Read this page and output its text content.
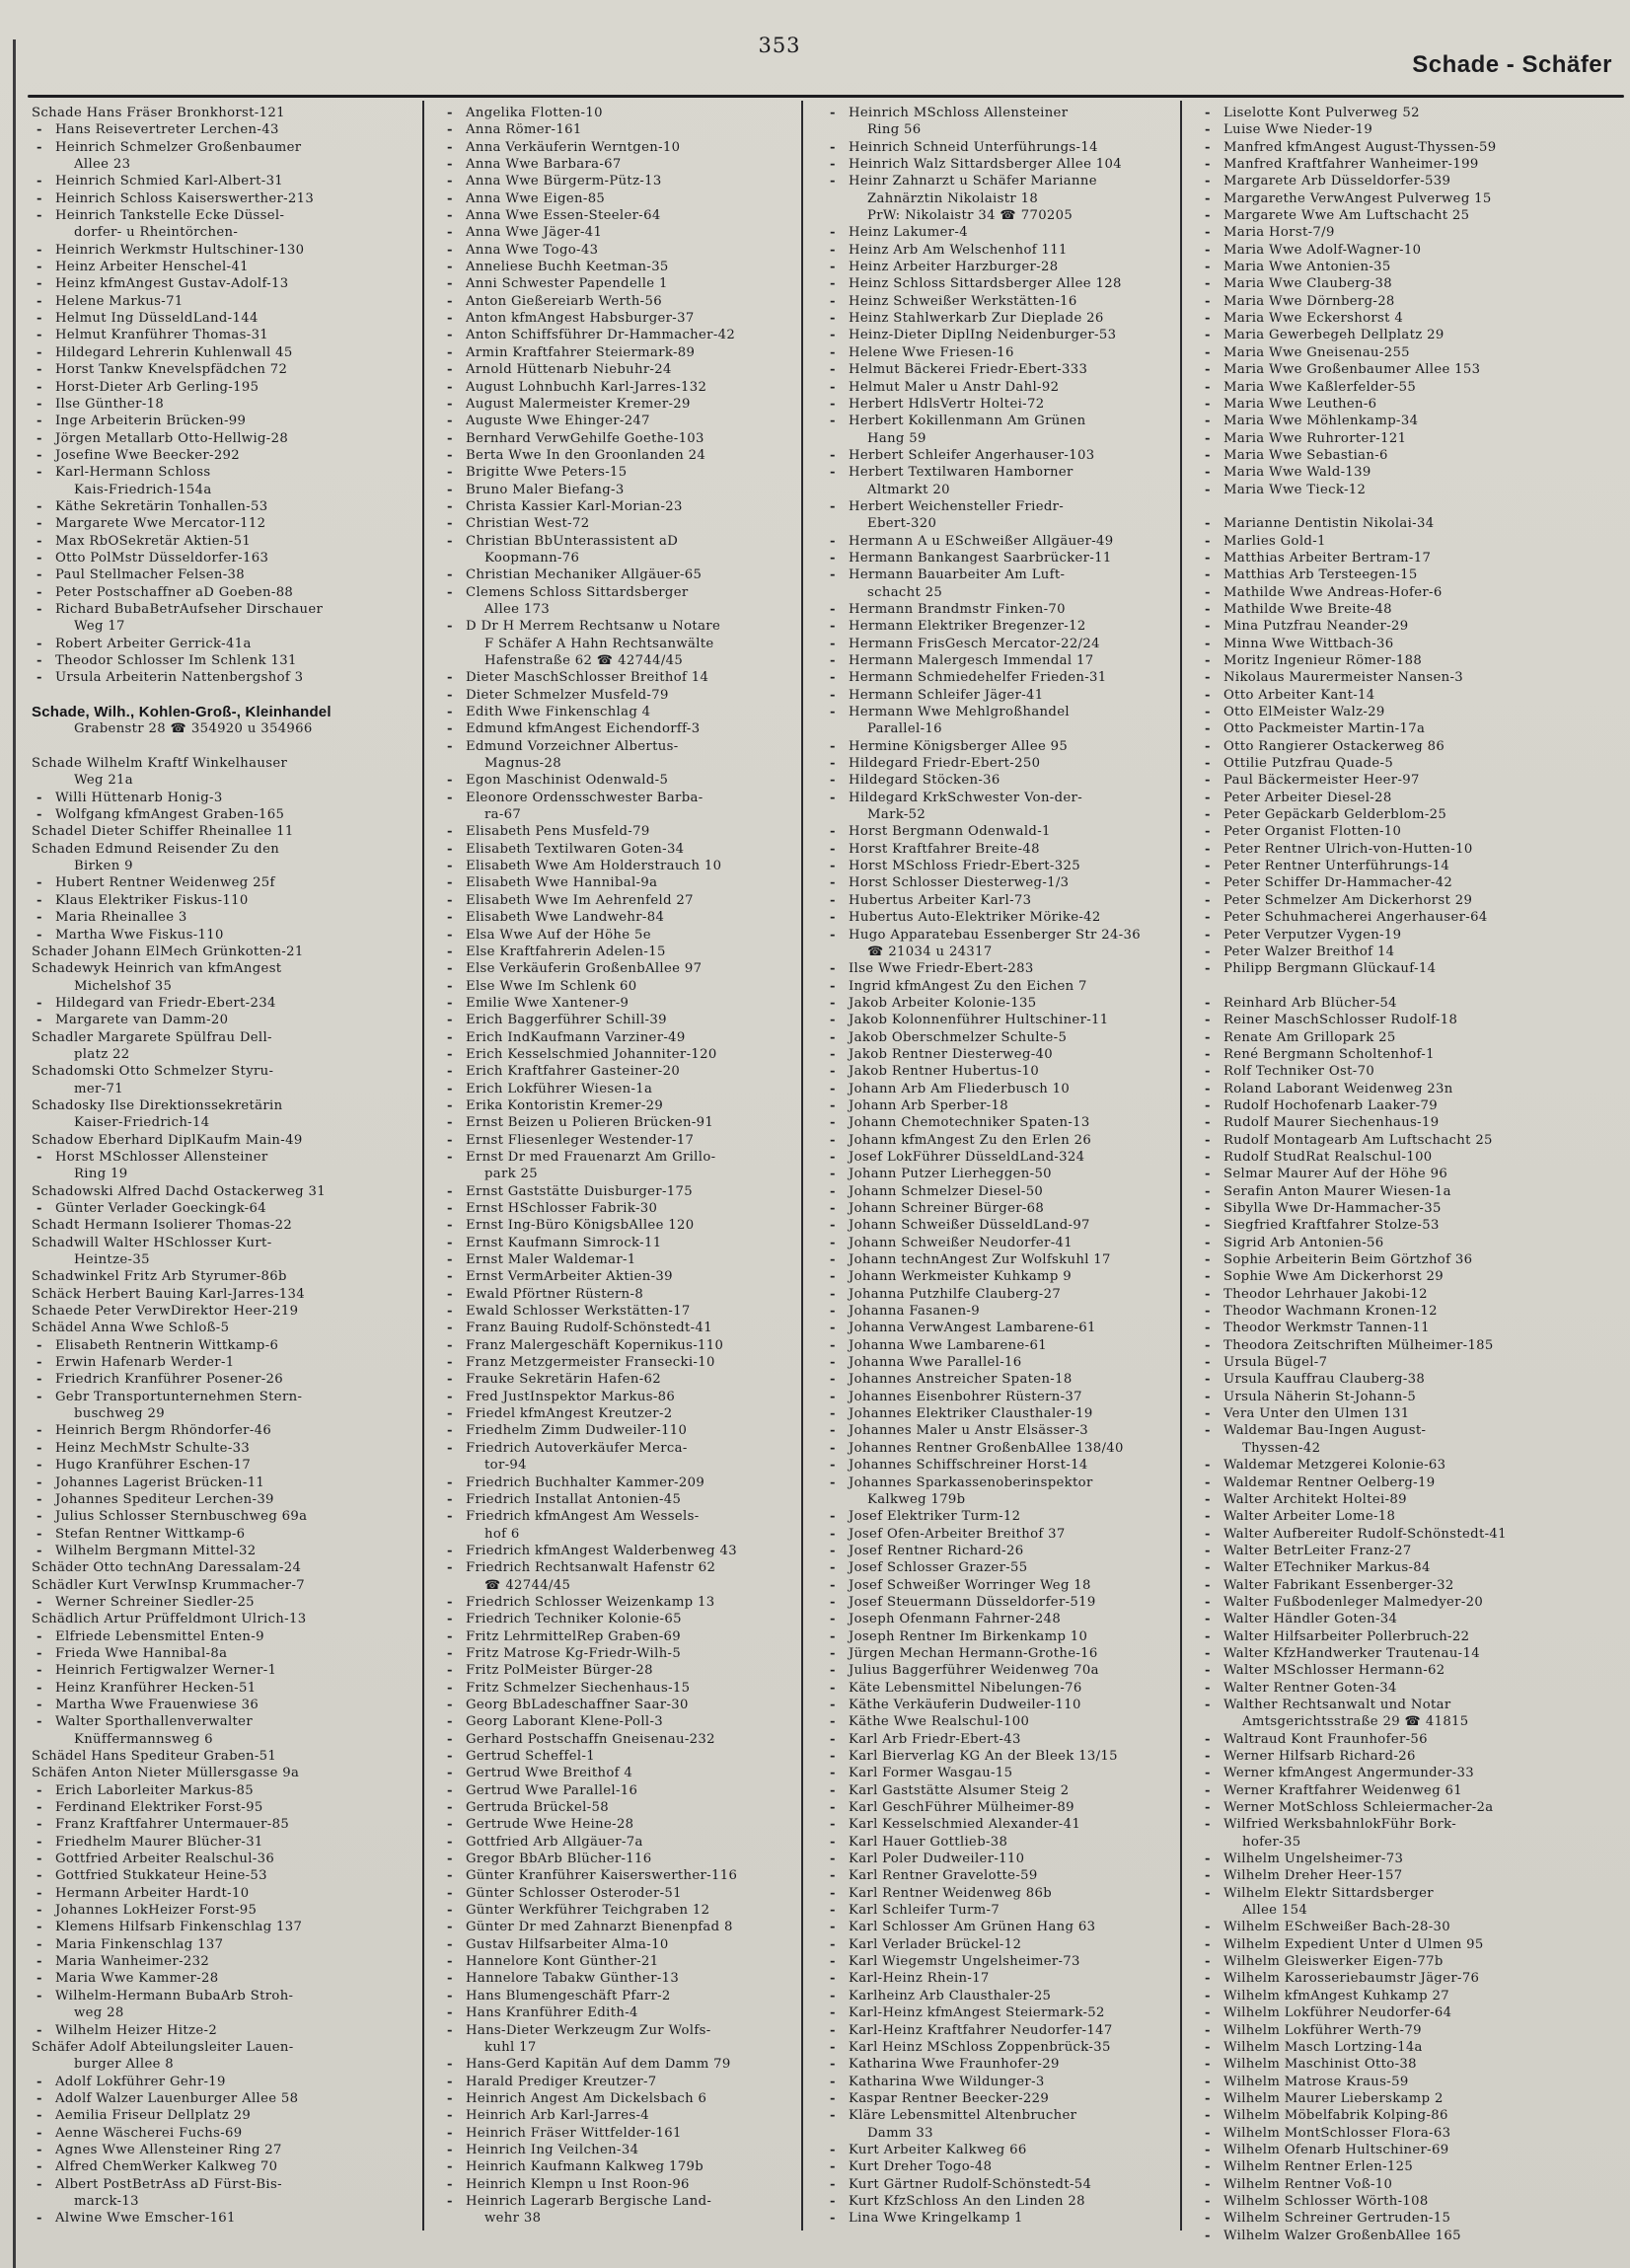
353
Schade - Schäfer
Schade Hans Fräser Bronkhorst-121
- Hans Reisevertreter Lerchen-43
- Heinrich Schmelzer Großenbaumer
Allee 23
- Heinrich Schmied Karl-Albert-31
- Heinrich Schloss Kaiserswerther-213
- Heinrich Tankstelle Ecke Düssel-
dorfer- u Rheintörchen-
- Heinrich Werkmstr Hultschiner-130
- Heinz Arbeiter Henschel-41
- Heinz kfmAngest Gustav-Adolf-13
- Helene Markus-71
- Helmut Ing DüsseldLand-144
- Helmut Kranführer Thomas-31
- Hildegard Lehrerin Kuhlenwall 45
- Horst Tankw Knevelspfädchen 72
- Horst-Dieter Arb Gerling-195
- Ilse Günther-18
- Inge Arbeiterin Brücken-99
- Jörgen Metallarb Otto-Hellwig-28
- Josefine Wwe Beecker-292
- Karl-Hermann Schloss
Kais-Friedrich-154a
- Käthe Sekretärin Tonhallen-53
- Margarete Wwe Mercator-112
- Max RbOSekretär Aktien-51
- Otto PolMstr Düsseldorfer-163
- Paul Stellmacher Felsen-38
- Peter Postschaffner aD Goeben-88
- Richard BubaBetrAufseher Dirschauer
Weg 17
- Robert Arbeiter Gerrick-41a
- Theodor Schlosser Im Schlenk 131
- Ursula Arbeiterin Nattenbergshof 3
Schade, Wilh., Kohlen-Groß-, Kleinhandel
Grabenstr 28 ☎ 354920 u 354966
Schade Wilhelm Kraftf Winkelhauser
Weg 21a
- Willi Hüttenarb Honig-3
- Wolfgang kfmAngest Graben-165
Schadel Dieter Schiffer Rheinallee 11
Schaden Edmund Reisender Zu den
Birken 9
- Hubert Rentner Weidenweg 25f
- Klaus Elektriker Fiskus-110
- Maria Rheinallee 3
- Martha Wwe Fiskus-110
Schader Johann ElMech Grünkotten-21
Schadewyk Heinrich van kfmAngest
Michelshof 35
- Hildegard van Friedr-Ebert-234
- Margarete van Damm-20
Schadler Margarete Spülfrau Dell-
platz 22
Schadomski Otto Schmelzer Styru-
mer-71
Schadosky Ilse Direktionssekretärin
Kaiser-Friedrich-14
Schadow Eberhard DiplKaufm Main-49
- Horst MSchlosser Allensteiner
Ring 19
Schadowski Alfred Dachd Ostackerweg 31
- Günter Verlader Goeckingk-64
Schadt Hermann Isolierer Thomas-22
Schadwill Walter HSchlosser Kurt-
Heintze-35
Schadwinkel Fritz Arb Styrumer-86b
Schäck Herbert Bauing Karl-Jarres-134
Schaede Peter VerwDirektor Heer-219
Schädel Anna Wwe Schloß-5
- Elisabeth Rentnerin Wittkamp-6
- Erwin Hafenarb Werder-1
- Friedrich Kranführer Posener-26
- Gebr Transportunternehmen Stern-
buschweg 29
- Heinrich Bergm Rhöndorfer-46
- Heinz MechMstr Schulte-33
- Hugo Kranführer Eschen-17
- Johannes Lagerist Brücken-11
- Johannes Spediteur Lerchen-39
- Julius Schlosser Sternbuschweg 69a
- Stefan Rentner Wittkamp-6
- Wilhelm Bergmann Mittel-32
Schäder Otto technAng Daressalam-24
Schädler Kurt VerwInsp Krummacher-7
- Werner Schreiner Siedler-25
Schädlich Artur Prüffeldmont Ulrich-13
- Elfriede Lebensmittel Enten-9
- Frieda Wwe Hannibal-8a
- Heinrich Fertigwalzer Werner-1
- Heinz Kranführer Hecken-51
- Martha Wwe Frauenwiese 36
- Walter Sporthallenverwalter
Knüffermannsweg 6
Schädel Hans Spediteur Graben-51
Schäfen Anton Nieter Müllersgasse 9a
- Erich Laborleiter Markus-85
- Ferdinand Elektriker Forst-95
- Franz Kraftfahrer Untermauer-85
- Friedhelm Maurer Blücher-31
- Gottfried Arbeiter Realschul-36
- Gottfried Stukkateur Heine-53
- Hermann Arbeiter Hardt-10
- Johannes LokHeizer Forst-95
- Klemens Hilfsarb Finkenschlag 137
- Maria Finkenschlag 137
- Maria Wanheimer-232
- Maria Wwe Kammer-28
- Wilhelm-Hermann BubaArb Stroh-
weg 28
- Wilhelm Heizer Hitze-2
Schäfer Adolf Abteilungsleiter Lauen-
burger Allee 8
- Adolf Lokführer Gehr-19
- Adolf Walzer Lauenburger Allee 58
- Aemilia Friseur Dellplatz 29
- Aenne Wäscherei Fuchs-69
- Agnes Wwe Allensteiner Ring 27
- Alfred ChemWerker Kalkweg 70
- Albert PostBetrAss aD Fürst-Bis-
marck-13
- Alwine Wwe Emscher-161
- Angelika Flotten-10
- Anna Römer-161
- Anna Verkäuferin Werntgen-10
- Anna Wwe Barbara-67
- Anna Wwe Bürgerm-Pütz-13
- Anna Wwe Eigen-85
- Anna Wwe Essen-Steeler-64
- Anna Wwe Jäger-41
- Anna Wwe Togo-43
- Anneliese Buchh Keetman-35
- Anni Schwester Papendelle 1
- Anton Gießereiarb Werth-56
- Anton kfmAngest Habsburger-37
- Anton Schiffsführer Dr-Hammacher-42
- Armin Kraftfahrer Steiermark-89
- Arnold Hüttenarb Niebuhr-24
- August Lohnbuchh Karl-Jarres-132
- August Malermeister Kremer-29
- Auguste Wwe Ehinger-247
- Bernhard VerwGehilfe Goethe-103
- Berta Wwe In den Groonlanden 24
- Brigitte Wwe Peters-15
- Bruno Maler Biefang-3
- Christa Kassier Karl-Morian-23
- Christian West-72
- Christian BbUnterassistent aD
Koopmann-76
- Christian Mechaniker Allgäuer-65
- Clemens Schloss Sittardsberger
Allee 173
- D Dr H Merrem Rechtsanw u Notare
F Schäfer A Hahn Rechtsanwälte
Hafenstraße 62 ☎ 42744/45
- Dieter MaschSchlosser Breithof 14
- Dieter Schmelzer Musfeld-79
- Edith Wwe Finkenschlag 4
- Edmund kfmAngest Eichendorff-3
- Edmund Vorzeichner Albertus-
Magnus-28
- Egon Maschinist Odenwald-5
- Eleonore Ordensschwester Barba-
ra-67
- Elisabeth Pens Musfeld-79
- Elisabeth Textilwaren Goten-34
- Elisabeth Wwe Am Holderstrauch 10
- Elisabeth Wwe Hannibal-9a
- Elisabeth Wwe Im Aehrenfeld 27
- Elisabeth Wwe Landwehr-84
- Elsa Wwe Auf der Höhe 5e
- Else Kraftfahrerin Adelen-15
- Else Verkäuferin GroßenbAllee 97
- Else Wwe Im Schlenk 60
- Emilie Wwe Xantener-9
- Erich Baggerführer Schill-39
- Erich IndKaufmann Varziner-49
- Erich Kesselschmied Johanniter-120
- Erich Kraftfahrer Gasteiner-20
- Erich Lokführer Wiesen-1a
- Erika Kontoristin Kremer-29
- Ernst Beizen u Polieren Brücken-91
- Ernst Fliesenleger Westender-17
- Ernst Dr med Frauenarzt Am Grillo-
park 25
- Ernst Gaststätte Duisburger-175
- Ernst HSchlosser Fabrik-30
- Ernst Ing-Büro KönigsbAllee 120
- Ernst Kaufmann Simrock-11
- Ernst Maler Waldemar-1
- Ernst VermArbeiter Aktien-39
- Ewald Pförtner Rüstern-8
- Ewald Schlosser Werkstätten-17
- Franz Bauing Rudolf-Schönstedt-41
- Franz Malergeschäft Kopernikus-110
- Franz Metzgermeister Fransecki-10
- Frauke Sekretärin Hafen-62
- Fred JustInspektor Markus-86
- Friedel kfmAngest Kreutzer-2
- Friedhelm Zimm Dudweiler-110
- Friedrich Autoverkäufer Merca-
tor-94
- Friedrich Buchhalter Kammer-209
- Friedrich Installat Antonien-45
- Friedrich kfmAngest Am Wessels-
hof 6
- Friedrich kfmAngest Walderbenweg 43
- Friedrich Rechtsanwalt Hafenstr 62
☎ 42744/45
- Friedrich Schlosser Weizenkamp 13
- Friedrich Techniker Kolonie-65
- Fritz LehrmittelRep Graben-69
- Fritz Matrose Kg-Friedr-Wilh-5
- Fritz PolMeister Bürger-28
- Fritz Schmelzer Siechenhaus-15
- Georg BbLadeschaffner Saar-30
- Georg Laborant Klene-Poll-3
- Gerhard Postschaffn Gneisenau-232
- Gertrud Scheffel-1
- Gertrud Wwe Breithof 4
- Gertrud Wwe Parallel-16
- Gertruda Brückel-58
- Gertrude Wwe Heine-28
- Gottfried Arb Allgäuer-7a
- Gregor BbArb Blücher-116
- Günter Kranführer Kaiserswerther-116
- Günter Schlosser Osteroder-51
- Günter Werkführer Teichgraben 12
- Günter Dr med Zahnarzt Bienenpfad 8
- Gustav Hilfsarbeiter Alma-10
- Hannelore Kont Günther-21
- Hannelore Tabakw Günther-13
- Hans Blumengeschäft Pfarr-2
- Hans Kranführer Edith-4
- Hans-Dieter Werkzeugm Zur Wolfs-
kuhl 17
- Hans-Gerd Kapitän Auf dem Damm 79
- Harald Prediger Kreutzer-7
- Heinrich Angest Am Dickelsbach 6
- Heinrich Arb Karl-Jarres-4
- Heinrich Fräser Wittfelder-161
- Heinrich Ing Veilchen-34
- Heinrich Kaufmann Kalkweg 179b
- Heinrich Klempn u Inst Roon-96
- Heinrich Lagerarb Bergische Land-
wehr 38
- Heinrich MSchloss Allensteiner
Ring 56
- Heinrich Schneid Unterführungs-14
- Heinrich Walz Sittardsberger Allee 104
- Heinr Zahnarzt u Schäfer Marianne
Zahnärztin Nikolaistr 18
PrW: Nikolaistr 34 ☎ 770205
- Heinz Lakumer-4
- Heinz Arb Am Welschenhof 111
- Heinz Arbeiter Harzburger-28
- Heinz Schloss Sittardsberger Allee 128
- Heinz Schweißer Werkstätten-16
- Heinz Stahlwerkarb Zur Dieplade 26
- Heinz-Dieter DiplIng Neidenburger-53
- Helene Wwe Friesen-16
- Helmut Bäckerei Friedr-Ebert-333
- Helmut Maler u Anstr Dahl-92
- Herbert HdlsVertr Holtei-72
- Herbert Kokillenmann Am Grünen
Hang 59
- Herbert Schleifer Angerhauser-103
- Herbert Textilwaren Hamborner
Altmarkt 20
- Herbert Weichensteller Friedr-
Ebert-320
- Hermann A u ESchweißer Allgäuer-49
- Hermann Bankangest Saarbrücker-11
- Hermann Bauarbeiter Am Luft-
schacht 25
- Hermann Brandmstr Finken-70
- Hermann Elektriker Bregenzer-12
- Hermann FrisGesch Mercator-22/24
- Hermann Malergesch Immendal 17
- Hermann Schmiedehelfer Frieden-31
- Hermann Schleifer Jäger-41
- Hermann Wwe Mehlgroßhandel
Parallel-16
- Hermine Königsberger Allee 95
- Hildegard Friedr-Ebert-250
- Hildegard Stöcken-36
- Hildegard KrkSchwester Von-der-
Mark-52
- Horst Bergmann Odenwald-1
- Horst Kraftfahrer Breite-48
- Horst MSchloss Friedr-Ebert-325
- Horst Schlosser Diesterweg-1/3
- Hubertus Arbeiter Karl-73
- Hubertus Auto-Elektriker Mörike-42
- Hugo Apparatebau Essenberger Str 24-36
☎ 21034 u 24317
- Ilse Wwe Friedr-Ebert-283
- Ingrid kfmAngest Zu den Eichen 7
- Jakob Arbeiter Kolonie-135
- Jakob Kolonnenführer Hultschiner-11
- Jakob Oberschmelzer Schulte-5
- Jakob Rentner Diesterweg-40
- Jakob Rentner Hubertus-10
- Johann Arb Am Fliederbusch 10
- Johann Arb Sperber-18
- Johann Chemotechniker Spaten-13
- Johann kfmAngest Zu den Erlen 26
- Josef LokFührer DüsseldLand-324
- Johann Putzer Lierheggen-50
- Johann Schmelzer Diesel-50
- Johann Schreiner Bürger-68
- Johann Schweißer DüsseldLand-97
- Johann Schweißer Neudorfer-41
- Johann technAngest Zur Wolfskuhl 17
- Johann Werkmeister Kuhkamp 9
- Johanna Putzhilfe Clauberg-27
- Johanna Fasanen-9
- Johanna VerwAngest Lambarene-61
- Johanna Wwe Lambarene-61
- Johanna Wwe Parallel-16
- Johannes Anstreicher Spaten-18
- Johannes Eisenbohrer Rüstern-37
- Johannes Elektriker Clausthaler-19
- Johannes Maler u Anstr Elsässer-3
- Johannes Rentner GroßenbAllee 138/40
- Johannes Schiffschreiner Horst-14
- Johannes Sparkassenoberinspektor
Kalkweg 179b
- Josef Elektriker Turm-12
- Josef Ofen-Arbeiter Breithof 37
- Josef Rentner Richard-26
- Josef Schlosser Grazer-55
- Josef Schweißer Worringer Weg 18
- Josef Steuermann Düsseldorfer-519
- Joseph Ofenmann Fahrner-248
- Joseph Rentner Im Birkenkamp 10
- Jürgen Mechan Hermann-Grothe-16
- Julius Baggerführer Weidenweg 70a
- Käte Lebensmittel Nibelungen-76
- Käthe Verkäuferin Dudweiler-110
- Käthe Wwe Realschul-100
- Karl Arb Friedr-Ebert-43
- Karl Bierverlag KG An der Bleek 13/15
- Karl Former Wasgau-15
- Karl Gaststätte Alsumer Steig 2
- Karl GeschFührer Mülheimer-89
- Karl Kesselschmied Alexander-41
- Karl Hauer Gottlieb-38
- Karl Poler Dudweiler-110
- Karl Rentner Gravelotte-59
- Karl Rentner Weidenweg 86b
- Karl Schleifer Turm-7
- Karl Schlosser Am Grünen Hang 63
- Karl Verlader Brückel-12
- Karl Wiegemstr Ungelsheimer-73
- Karl-Heinz Rhein-17
- Karlheinz Arb Clausthaler-25
- Karl-Heinz kfmAngest Steiermark-52
- Karl-Heinz Kraftfahrer Neudorfer-147
- Karl Heinz MSchloss Zoppenbrück-35
- Katharina Wwe Fraunhofer-29
- Katharina Wwe Wildunger-3
- Kaspar Rentner Beecker-229
- Kläre Lebensmittel Altenbrucher
Damm 33
- Kurt Arbeiter Kalkweg 66
- Kurt Dreher Togo-48
- Kurt Gärtner Rudolf-Schönstedt-54
- Kurt KfzSchloss An den Linden 28
- Lina Wwe Kringelkamp 1
- Liselotte Kont Pulverweg 52
- Luise Wwe Nieder-19
- Manfred kfmAngest August-Thyssen-59
- Manfred Kraftfahrer Wanheimer-199
- Margarete Arb Düsseldorfer-539
- Margarethe VerwAngest Pulverweg 15
- Margarete Wwe Am Luftschacht 25
- Maria Horst-7/9
- Maria Wwe Adolf-Wagner-10
- Maria Wwe Antonien-35
- Maria Wwe Clauberg-38
- Maria Wwe Dörnberg-28
- Maria Wwe Eckershorst 4
- Maria Gewerbegeh Dellplatz 29
- Maria Wwe Gneisenau-255
- Maria Wwe Großenbaumer Allee 153
- Maria Wwe Kaßlerfelder-55
- Maria Wwe Leuthen-6
- Maria Wwe Möhlenkamp-34
- Maria Wwe Ruhrorter-121
- Maria Wwe Sebastian-6
- Maria Wwe Wald-139
- Maria Wwe Tieck-12
- Marianne Dentistin Nikolai-34
- Marlies Gold-1
- Matthias Arbeiter Bertram-17
- Matthias Arb Tersteegen-15
- Mathilde Wwe Andreas-Hofer-6
- Mathilde Wwe Breite-48
- Mina Putzfrau Neander-29
- Minna Wwe Wittbach-36
- Moritz Ingenieur Römer-188
- Nikolaus Maurermeister Nansen-3
- Otto Arbeiter Kant-14
- Otto ElMeister Walz-29
- Otto Packmeister Martin-17a
- Otto Rangierer Ostackerweg 86
- Ottilie Putzfrau Quade-5
- Paul Bäckermeister Heer-97
- Peter Arbeiter Diesel-28
- Peter Gepäckarb Gelderblom-25
- Peter Organist Flotten-10
- Peter Rentner Ulrich-von-Hutten-10
- Peter Rentner Unterführungs-14
- Peter Schiffer Dr-Hammacher-42
- Peter Schmelzer Am Dickerhorst 29
- Peter Schuhmacherei Angerhauser-64
- Peter Verputzer Vygen-19
- Peter Walzer Breithof 14
- Philipp Bergmann Glückauf-14
- Reinhard Arb Blücher-54
- Reiner MaschSchlosser Rudolf-18
- Renate Am Grillopark 25
- René Bergmann Scholtenhof-1
- Rolf Techniker Ost-70
- Roland Laborant Weidenweg 23n
- Rudolf Hochofenarb Laaker-79
- Rudolf Maurer Siechenhaus-19
- Rudolf Montagearb Am Luftschacht 25
- Rudolf StudRat Realschul-100
- Selmar Maurer Auf der Höhe 96
- Serafin Anton Maurer Wiesen-1a
- Sibylla Wwe Dr-Hammacher-35
- Siegfried Kraftfahrer Stolze-53
- Sigrid Arb Antonien-56
- Sophie Arbeiterin Beim Görtzhof 36
- Sophie Wwe Am Dickerhorst 29
- Theodor Lehrhauer Jakobi-12
- Theodor Wachmann Kronen-12
- Theodor Werkmstr Tannen-11
- Theodora Zeitschriften Mülheimer-185
- Ursula Bügel-7
- Ursula Kauffrau Clauberg-38
- Ursula Näherin St-Johann-5
- Vera Unter den Ulmen 131
- Waldemar Bau-Ingen August-
Thyssen-42
- Waldemar Metzgerei Kolonie-63
- Waldemar Rentner Oelberg-19
- Walter Architekt Holtei-89
- Walter Arbeiter Lome-18
- Walter Aufbereiter Rudolf-Schönstedt-41
- Walter BetrLeiter Franz-27
- Walter ETechniker Markus-84
- Walter Fabrikant Essenberger-32
- Walter Fußbodenleger Malmedyer-20
- Walter Händler Goten-34
- Walter Hilfsarbeiter Pollerbruch-22
- Walter KfzHandwerker Trautenau-14
- Walter MSchlosser Hermann-62
- Walter Rentner Goten-34
- Walther Rechtsanwalt und Notar
Amtsgerichtsstraße 29 ☎ 41815
- Waltraud Kont Fraunhofer-56
- Werner Hilfsarb Richard-26
- Werner kfmAngest Angermunder-33
- Werner Kraftfahrer Weidenweg 61
- Werner MotSchloss Schleiermacher-2a
- Wilfried WerksbahnlokFühr Bork-
hofer-35
- Wilhelm Ungelsheimer-73
- Wilhelm Dreher Heer-157
- Wilhelm Elektr Sittardsberger
Allee 154
- Wilhelm ESchweißer Bach-28-30
- Wilhelm Expedient Unter d Ulmen 95
- Wilhelm Gleiswerker Eigen-77b
- Wilhelm Karosseriebaumstr Jäger-76
- Wilhelm kfmAngest Kuhkamp 27
- Wilhelm Lokführer Neudorfer-64
- Wilhelm Lokführer Werth-79
- Wilhelm Masch Lortzing-14a
- Wilhelm Maschinist Otto-38
- Wilhelm Matrose Kraus-59
- Wilhelm Maurer Lieberskamp 2
- Wilhelm Möbelfabrik Kolping-86
- Wilhelm MontSchlosser Flora-63
- Wilhelm Ofenarb Hultschiner-69
- Wilhelm Rentner Erlen-125
- Wilhelm Rentner Voß-10
- Wilhelm Schlosser Wörth-108
- Wilhelm Schreiner Gertruden-15
- Wilhelm Walzer GroßenbAllee 165
